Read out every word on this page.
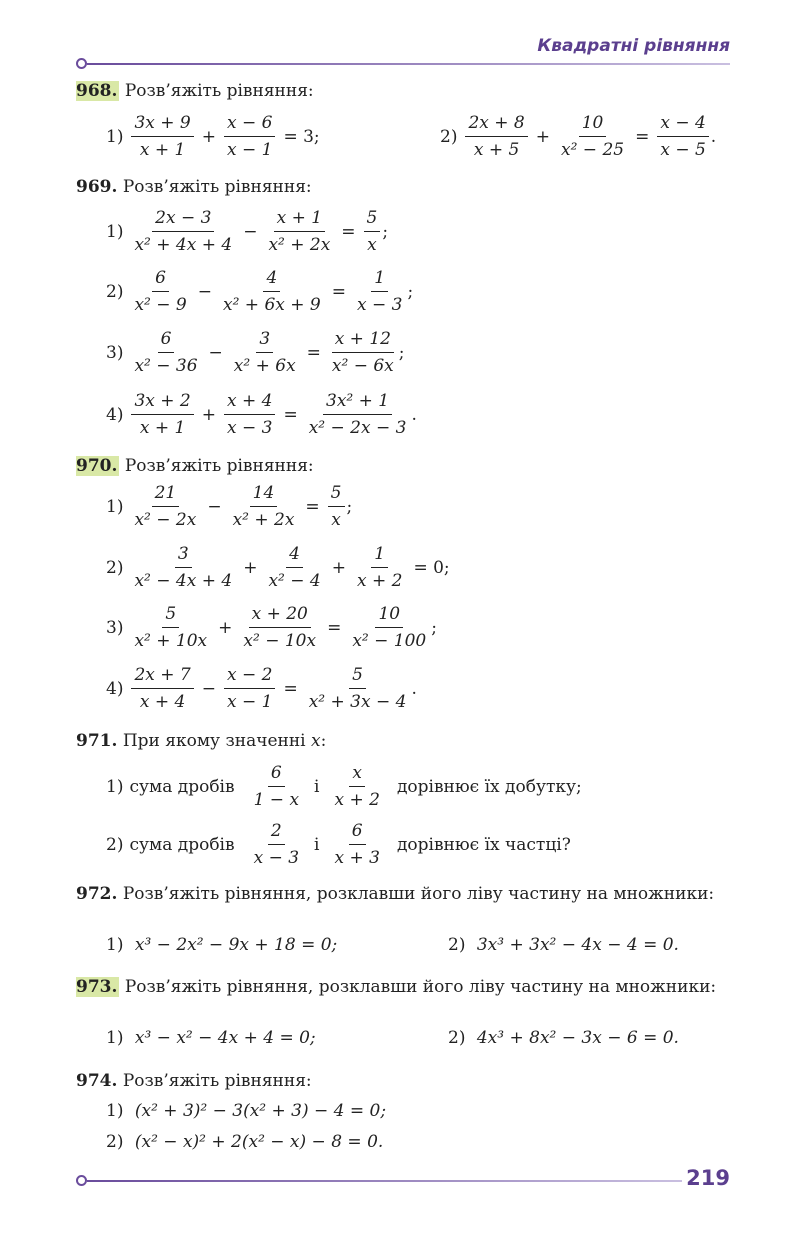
Квадратні рівняння
968. Розв’яжіть рівняння:
$1) \frac{3x + 9}{x + 1} + \frac{x - 6}{x - 1} = 3$;	$2) \frac{2x + 8}{x + 5} + \frac{10}{\text{x² − 25}} = \frac{x - 4}{x - 5}$ .
969. Розв’яжіть рівняння:
$1) \frac{2x - 3}{\text{x² + 4x + 4}} - \frac{x + 1}{\text{x² + 2x}} = \frac{5}{x}$ ;
$2) \frac{6}{\text{x² − 9}} - \frac{4}{\text{x² + 6x + 9}} = \frac{1}{x - 3}$ ;
$3) \frac{6}{\text{x² − 36}} - \frac{3}{\text{x² + 6x}} = \frac{x + 12}{\text{x² − 6x}}$ ;
$4) \frac{3x + 2}{x + 1} + \frac{x + 4}{x - 3} = \frac{\text{3x² + 1}}{\text{x² − 2x − 3}}$ .
970. Розв’яжіть рівняння:
$1) \frac{21}{\text{x² − 2x}} - \frac{14}{\text{x² + 2x}} = \frac{5}{x}$ ;
$2) \frac{3}{\text{x² − 4x + 4}} + \frac{4}{\text{x² − 4}} + \frac{1}{x + 2} = 0$;
$3) \frac{5}{\text{x² + 10x}} + \frac{x + 20}{\text{x² − 10x}} = \frac{10}{\text{x² − 100}}$ ;
$4) \frac{2x + 7}{x + 4} - \frac{x - 2}{x - 1} = \frac{5}{\text{x² + 3x − 4}}$ .
971. При якому значенні x:
1) сума дробів $\frac{6}{1 - x}$ і $\frac{x}{x + 2}$ дорівнює їх добутку;
2) сума дробів $\frac{2}{x - 3}$ і $\frac{6}{x + 3}$ дорівнює їх частці?
972. Розв’яжіть рівняння, розклавши його ліву частину на множники:
1) x³ − 2x² − 9x + 18 = 0;	2) 3x³ + 3x² − 4x − 4 = 0.
973. Розв’яжіть рівняння, розклавши його ліву частину на множники:
1) x³ − x² − 4x + 4 = 0;	2) 4x³ + 8x² − 3x − 6 = 0.
974. Розв’яжіть рівняння:
1) (x² + 3)² − 3(x² + 3) − 4 = 0;
2) (x² − x)² + 2(x² − x) − 8 = 0.
219
